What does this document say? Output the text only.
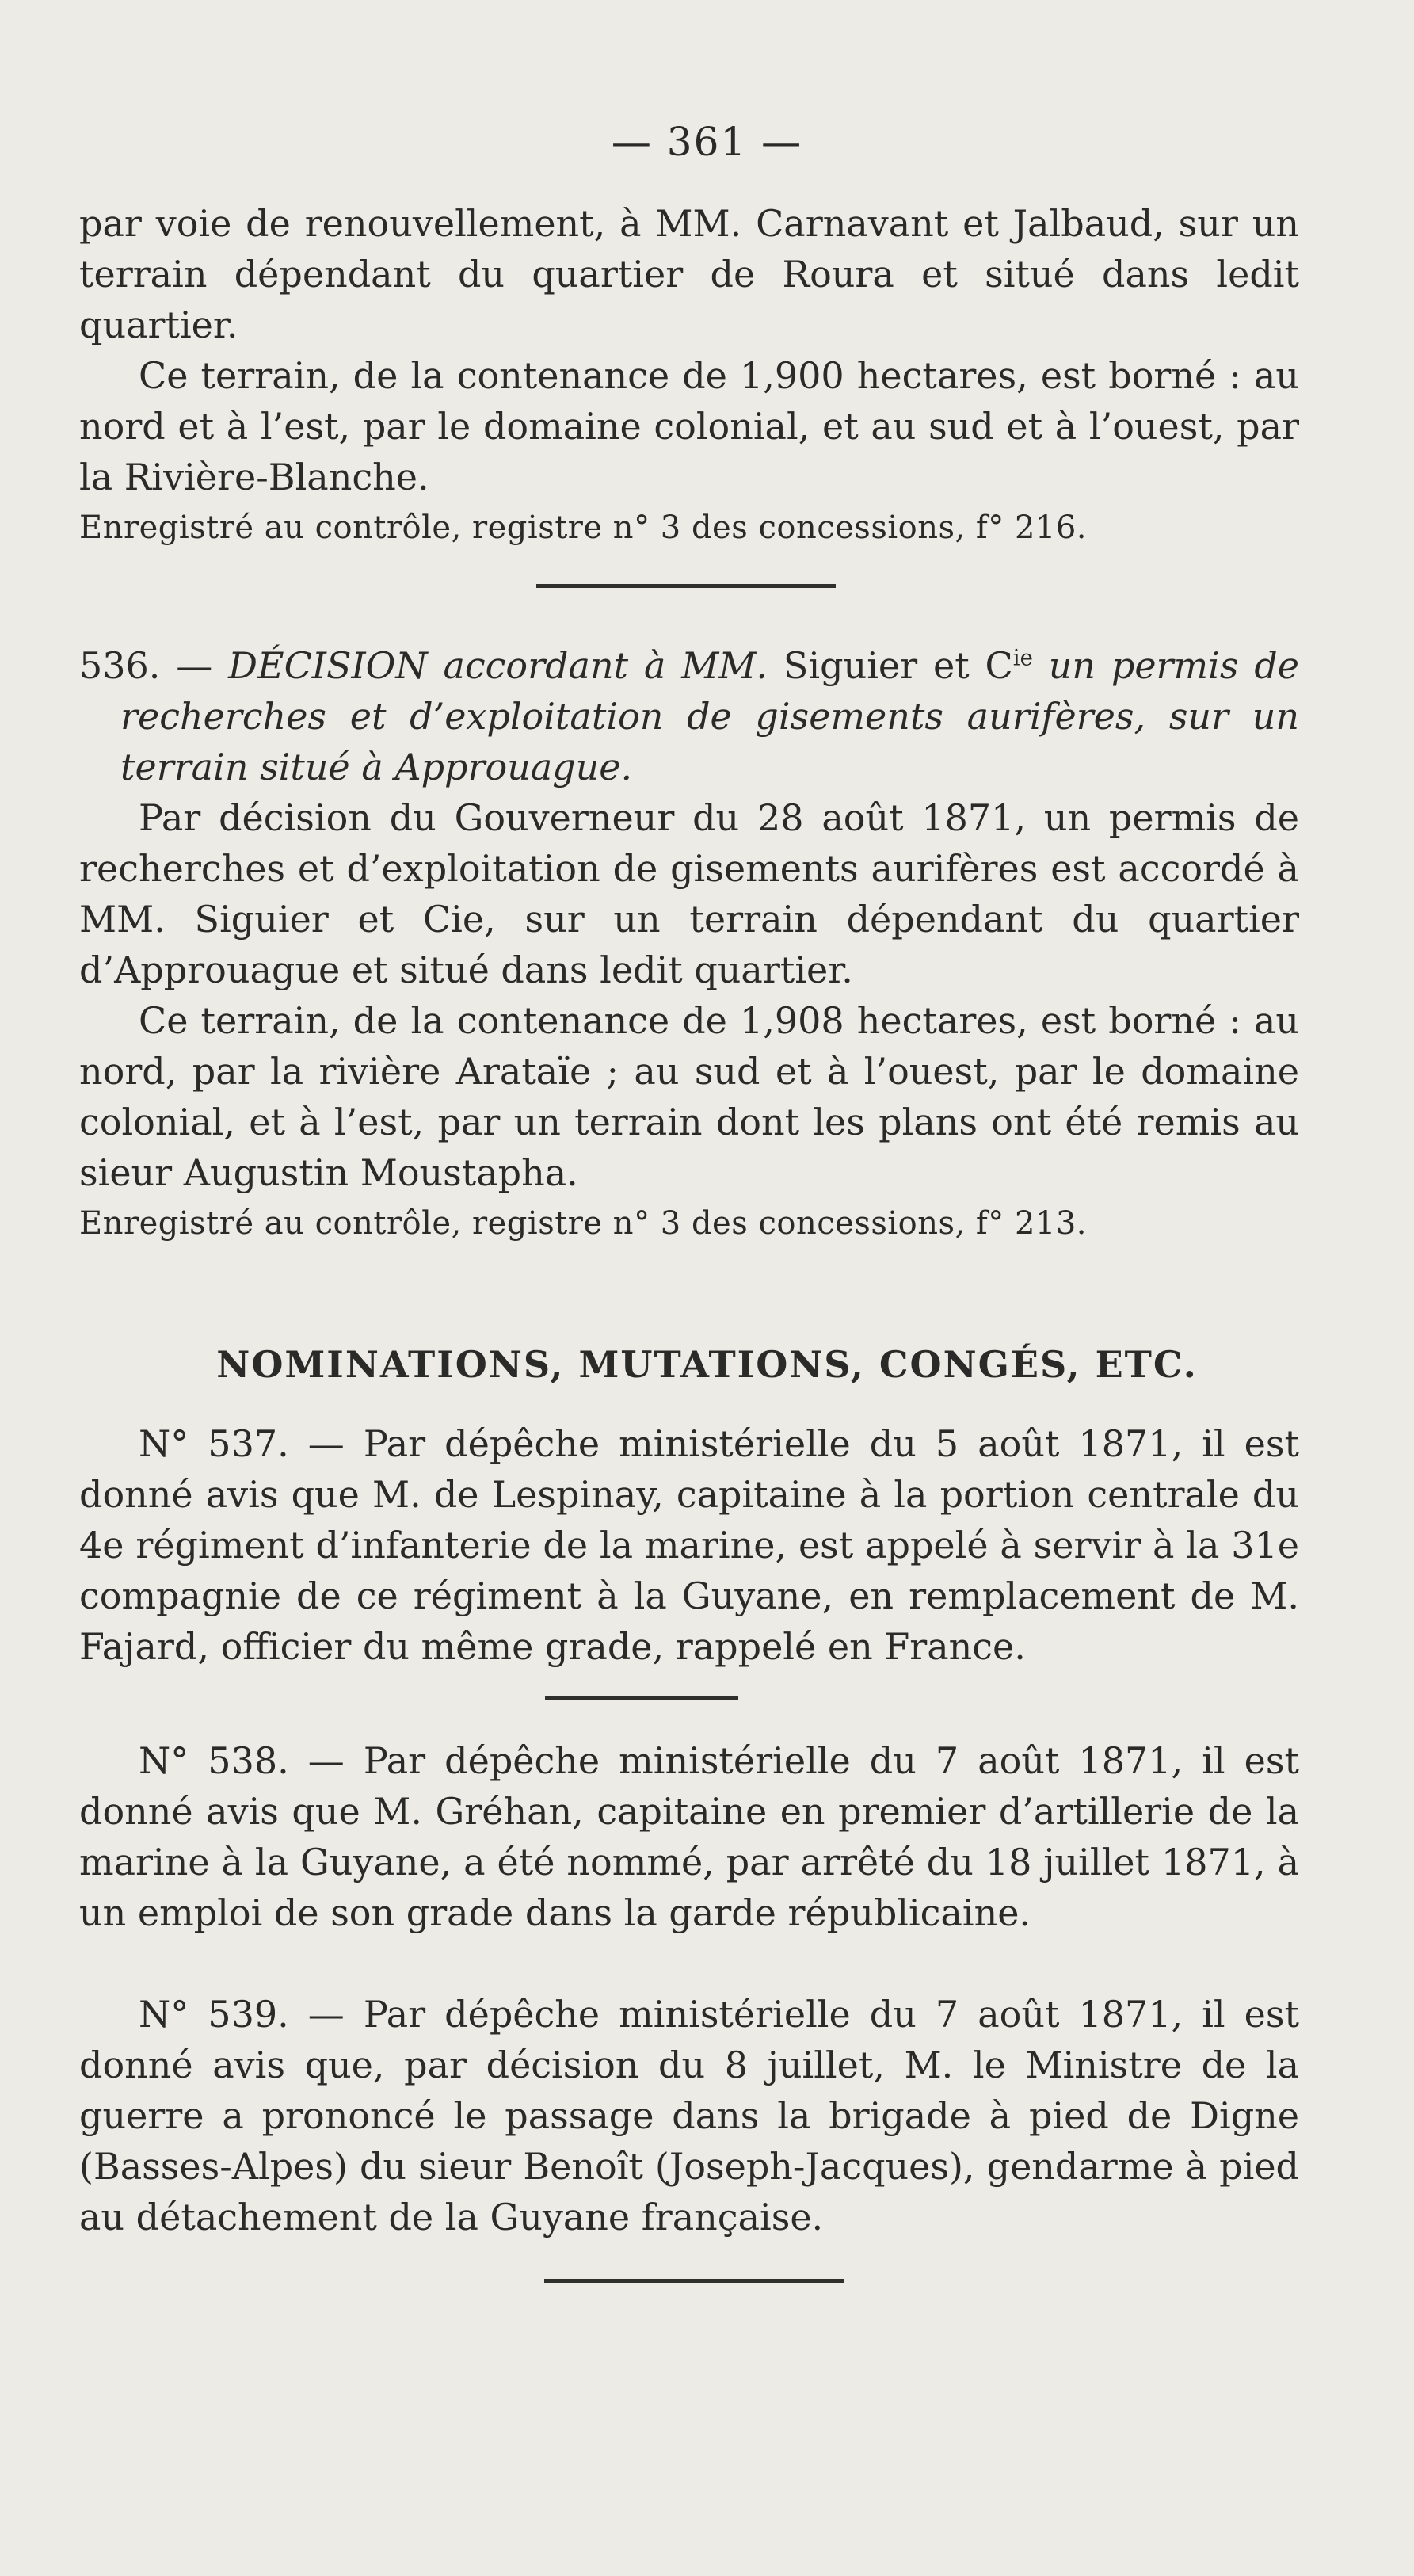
— 361 —

par voie de renouvellement, à MM. Carnavant et Jalbaud, sur un terrain dépendant du quartier de Roura et situé dans ledit quartier.

Ce terrain, de la contenance de 1,900 hectares, est borné : au nord et à l’est, par le domaine colonial, et au sud et à l’ouest, par la Rivière-Blanche.

Enregistré au contrôle, registre n° 3 des concessions, f° 216.

536. — DÉCISION accordant à MM. Siguier et $C^{ie}$ un permis de recherches et d’exploitation de gisements aurifères, sur un terrain situé à Approuague.

Par décision du Gouverneur du 28 août 1871, un permis de recherches et d’exploitation de gisements aurifères est accordé à MM. Siguier et Cie, sur un terrain dépendant du quartier d’Approuague et situé dans ledit quartier.

Ce terrain, de la contenance de 1,908 hectares, est borné : au nord, par la rivière Arataïe ; au sud et à l’ouest, par le domaine colonial, et à l’est, par un terrain dont les plans ont été remis au sieur Augustin Moustapha.

Enregistré au contrôle, registre n° 3 des concessions, f° 213.

NOMINATIONS, MUTATIONS, CONGÉS, ETC.

N° 537. — Par dépêche ministérielle du 5 août 1871, il est donné avis que M. de Lespinay, capitaine à la portion centrale du 4e régiment d’infanterie de la marine, est appelé à servir à la 31e compagnie de ce régiment à la Guyane, en remplacement de M. Fajard, officier du même grade, rappelé en France.

N° 538. — Par dépêche ministérielle du 7 août 1871, il est donné avis que M. Gréhan, capitaine en premier d’artillerie de la marine à la Guyane, a été nommé, par arrêté du 18 juillet 1871, à un emploi de son grade dans la garde républicaine.

N° 539. — Par dépêche ministérielle du 7 août 1871, il est donné avis que, par décision du 8 juillet, M. le Ministre de la guerre a prononcé le passage dans la brigade à pied de Digne (Basses-Alpes) du sieur Benoît (Joseph-Jacques), gendarme à pied au détachement de la Guyane française.
